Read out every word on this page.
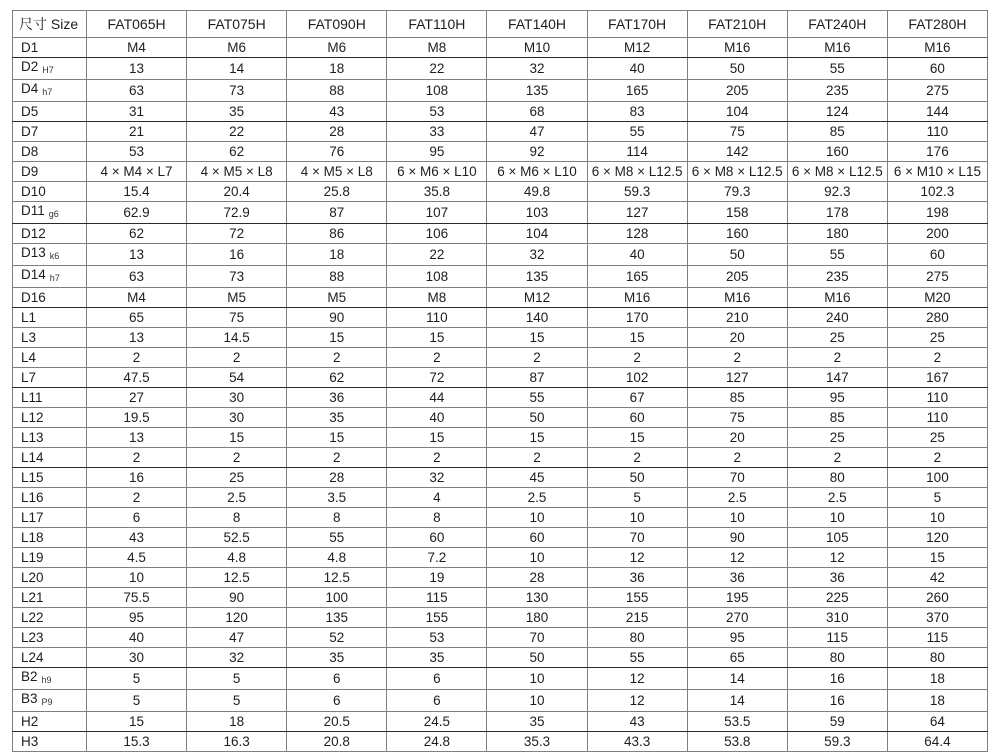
尺寸 Size	FAT065H	FAT075H	FAT090H	FAT110H	FAT140H	FAT170H	FAT210H	FAT240H	FAT280H
D1	M4	M6	M6	M8	M10	M12	M16	M16	M16
D2 $_{H7}$	13	14	18	22	32	40	50	55	60
D4 $_{h7}$	63	73	88	108	135	165	205	235	275
D5	31	35	43	53	68	83	104	124	144
D7	21	22	28	33	47	55	75	85	110
D8	53	62	76	95	92	114	142	160	176
D9	4 × M4 × L7	4 × M5 × L8	4 × M5 × L8	6 × M6 × L10	6 × M6 × L10	6 × M8 × L12.5	6 × M8 × L12.5	6 × M8 × L12.5	6 × M10 × L15
D10	15.4	20.4	25.8	35.8	49.8	59.3	79.3	92.3	102.3
D11 $_{g6}$	62.9	72.9	87	107	103	127	158	178	198
D12	62	72	86	106	104	128	160	180	200
D13 $_{k6}$	13	16	18	22	32	40	50	55	60
D14 $_{h7}$	63	73	88	108	135	165	205	235	275
D16	M4	M5	M5	M8	M12	M16	M16	M16	M20
L1	65	75	90	110	140	170	210	240	280
L3	13	14.5	15	15	15	15	20	25	25
L4	2	2	2	2	2	2	2	2	2
L7	47.5	54	62	72	87	102	127	147	167
L11	27	30	36	44	55	67	85	95	110
L12	19.5	30	35	40	50	60	75	85	110
L13	13	15	15	15	15	15	20	25	25
L14	2	2	2	2	2	2	2	2	2
L15	16	25	28	32	45	50	70	80	100
L16	2	2.5	3.5	4	2.5	5	2.5	2.5	5
L17	6	8	8	8	10	10	10	10	10
L18	43	52.5	55	60	60	70	90	105	120
L19	4.5	4.8	4.8	7.2	10	12	12	12	15
L20	10	12.5	12.5	19	28	36	36	36	42
L21	75.5	90	100	115	130	155	195	225	260
L22	95	120	135	155	180	215	270	310	370
L23	40	47	52	53	70	80	95	115	115
L24	30	32	35	35	50	55	65	80	80
B2 $_{h9}$	5	5	6	6	10	12	14	16	18
B3 $_{P9}$	5	5	6	6	10	12	14	16	18
H2	15	18	20.5	24.5	35	43	53.5	59	64
H3	15.3	16.3	20.8	24.8	35.3	43.3	53.8	59.3	64.4
